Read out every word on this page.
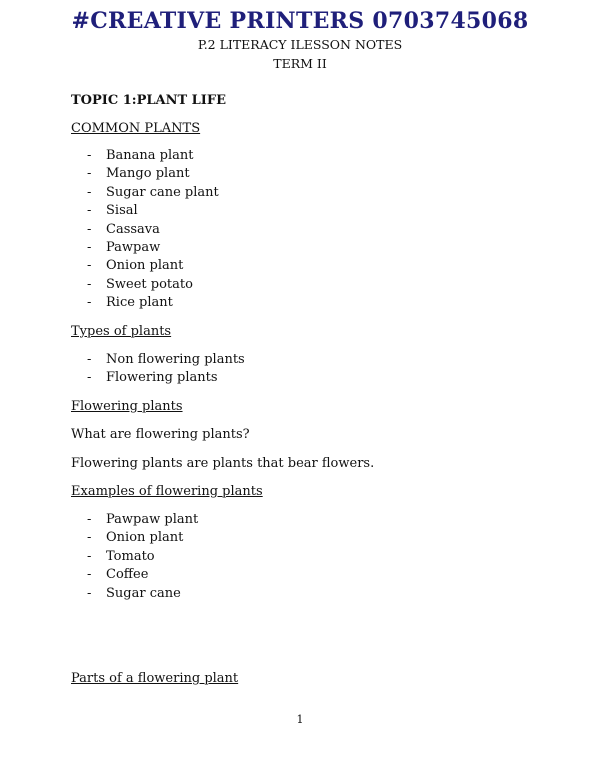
#CREATIVE PRINTERS 0703745068
P.2 LITERACY ILESSON NOTES
TERM II
TOPIC 1:PLANT LIFE
COMMON PLANTS
- Banana plant
- Mango plant
- Sugar cane plant
- Sisal
- Cassava
- Pawpaw
- Onion plant
- Sweet potato
- Rice plant
Types of plants
- Non flowering plants
- Flowering plants
Flowering plants
What are flowering plants?
Flowering plants are plants that bear flowers.
Examples of flowering plants
- Pawpaw plant
- Onion plant
- Tomato
- Coffee
- Sugar cane
Parts of a flowering plant
1
